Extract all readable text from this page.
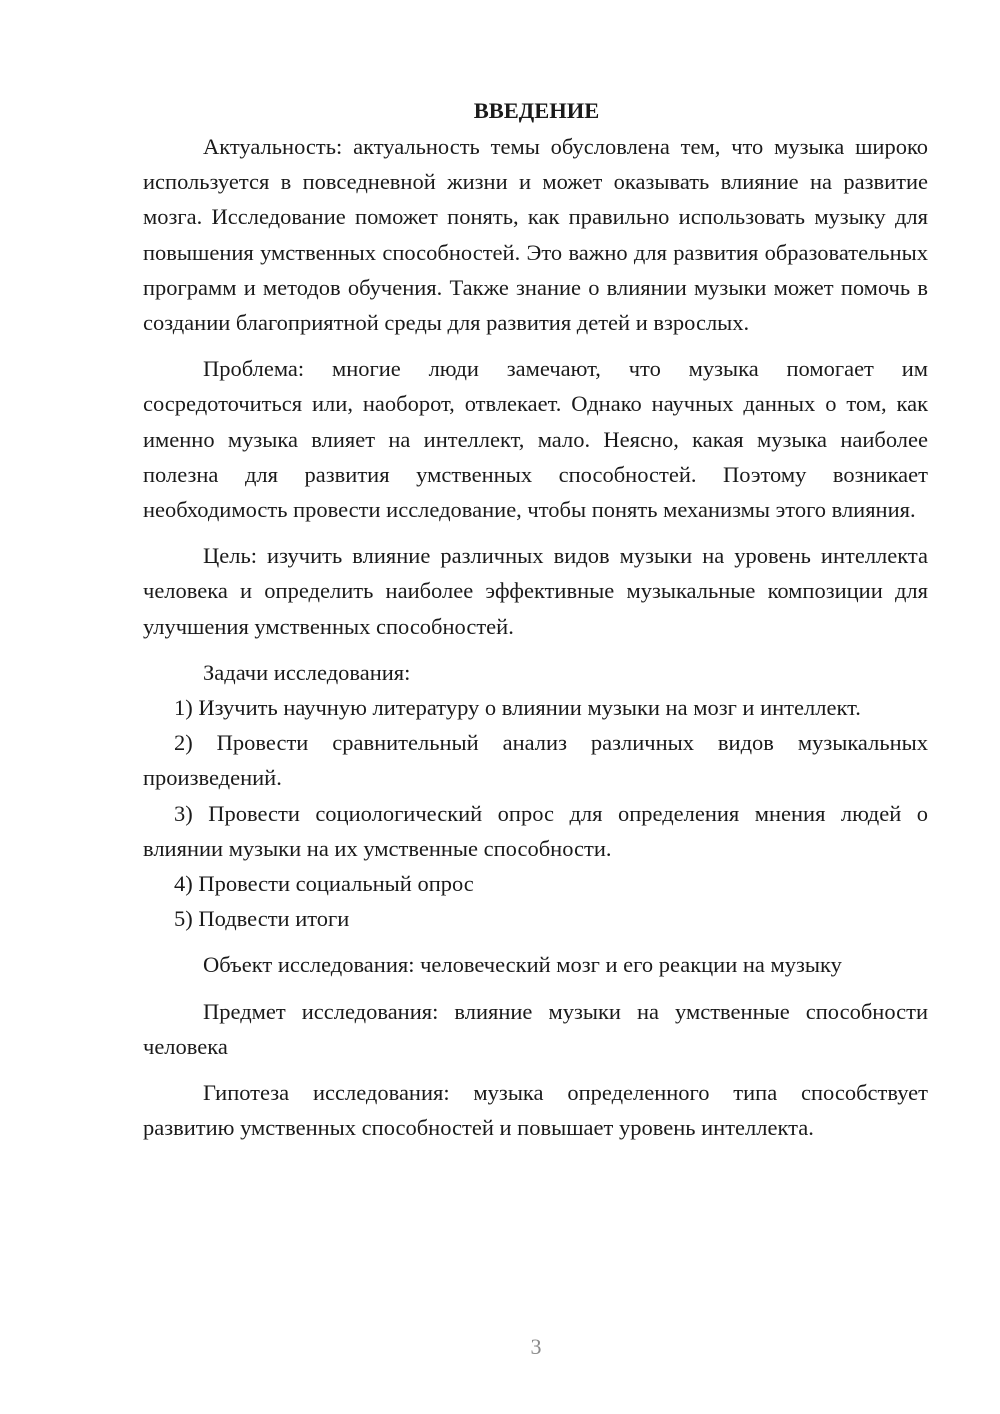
ВВЕДЕНИЕ

Актуальность: актуальность темы обусловлена тем, что музыка широко используется в повседневной жизни и может оказывать влияние на развитие мозга. Исследование поможет понять, как правильно использовать музыку для повышения умственных способностей. Это важно для развития образовательных программ и методов обучения. Также знание о влиянии музыки может помочь в создании благоприятной среды для развития детей и взрослых.

Проблема: многие люди замечают, что музыка помогает им сосредоточиться или, наоборот, отвлекает. Однако научных данных о том, как именно музыка влияет на интеллект, мало. Неясно, какая музыка наиболее полезна для развития умственных способностей. Поэтому возникает необходимость провести исследование, чтобы понять механизмы этого влияния.

Цель: изучить влияние различных видов музыки на уровень интеллекта человека и определить наиболее эффективные музыкальные композиции для улучшения умственных способностей.

Задачи исследования:

1) Изучить научную литературу о влиянии музыки на мозг и интеллект.

2) Провести сравнительный анализ различных видов музыкальных произведений.

3) Провести социологический опрос для определения мнения людей о влиянии музыки на их умственные способности.

4) Провести социальный опрос

5) Подвести итоги

Объект исследования: человеческий мозг и его реакции на музыку

Предмет исследования: влияние музыки на умственные способности человека

Гипотеза исследования: музыка определенного типа способствует развитию умственных способностей и повышает уровень интеллекта.

3
